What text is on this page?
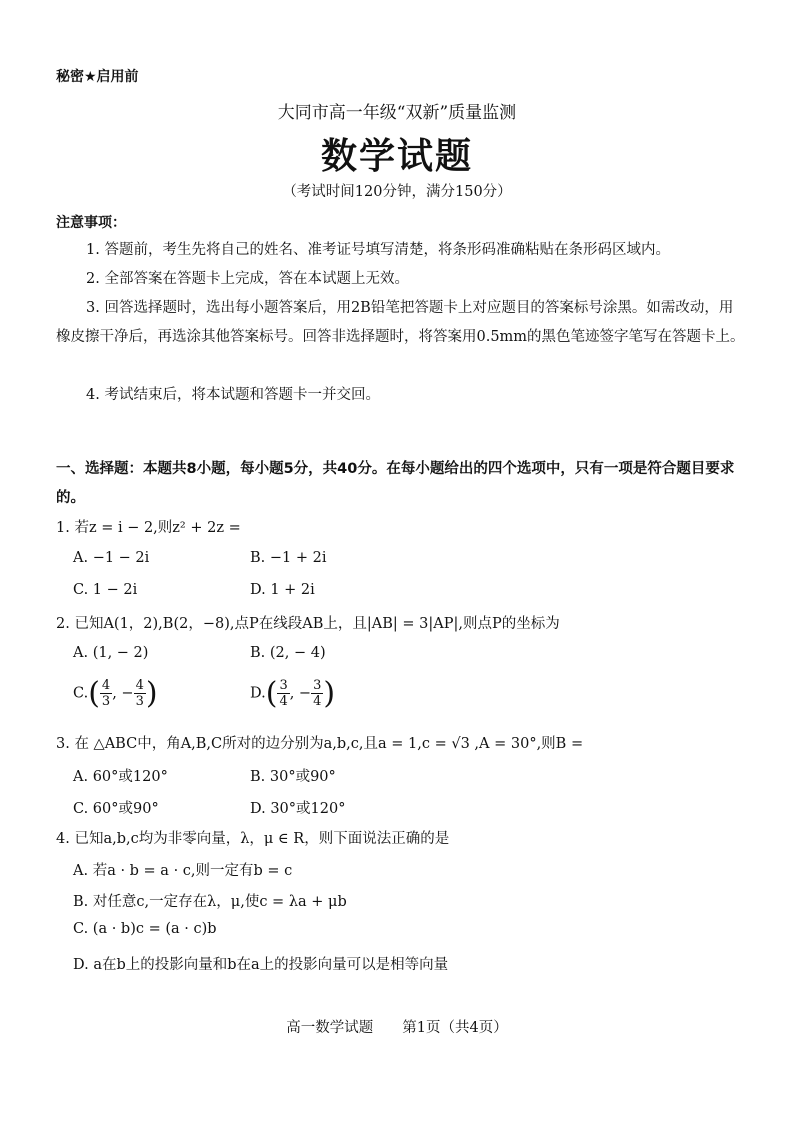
秘密★启用前
大同市高一年级“双新”质量监测
数学试题
（考试时间120分钟，满分150分）
注意事项：
1. 答题前，考生先将自己的姓名、准考证号填写清楚，将条形码准确粘贴在条形码区域内。
2. 全部答案在答题卡上完成，答在本试题上无效。
3. 回答选择题时，选出每小题答案后，用2B铅笔把答题卡上对应题目的答案标号涂黑。如需改动，用橡皮擦干净后，再选涂其他答案标号。回答非选择题时，将答案用0.5mm的黑色笔迹签字笔写在答题卡上。
4. 考试结束后，将本试题和答题卡一并交回。
一、选择题：本题共8小题，每小题5分，共40分。在每小题给出的四个选项中，只有一项是符合题目要求的。
1. 若z = i − 2,则z² + 2z =
A. −1 − 2i	B. −1 + 2i
C. 1 − 2i	D. 1 + 2i
2. 已知A(1，2),B(2，−8),点P在线段AB上，且|AB| = 3|AP|,则点P的坐标为
A. (1, − 2)	B. (2, − 4)
$C.( \frac{4}{3}$ , − $\frac{4}{3}$ )	$D.( \frac{3}{4}$ , − $\frac{3}{4}$ )
3. 在 △ABC中，角A,B,C所对的边分别为a,b,c,且a = 1,c = √3 ,A = 30°,则B =
A. 60°或120°	B. 30°或90°
C. 60°或90°	D. 30°或120°
4. 已知a,b,c均为非零向量，λ，μ ∈ R，则下面说法正确的是
A. 若a · b = a · c,则一定有b = c
B. 对任意c,一定存在λ，μ,使c = λa + μb
C. (a · b)c = (a · c)b
D. a在b上的投影向量和b在a上的投影向量可以是相等向量
高一数学试题　　第1页（共4页）
